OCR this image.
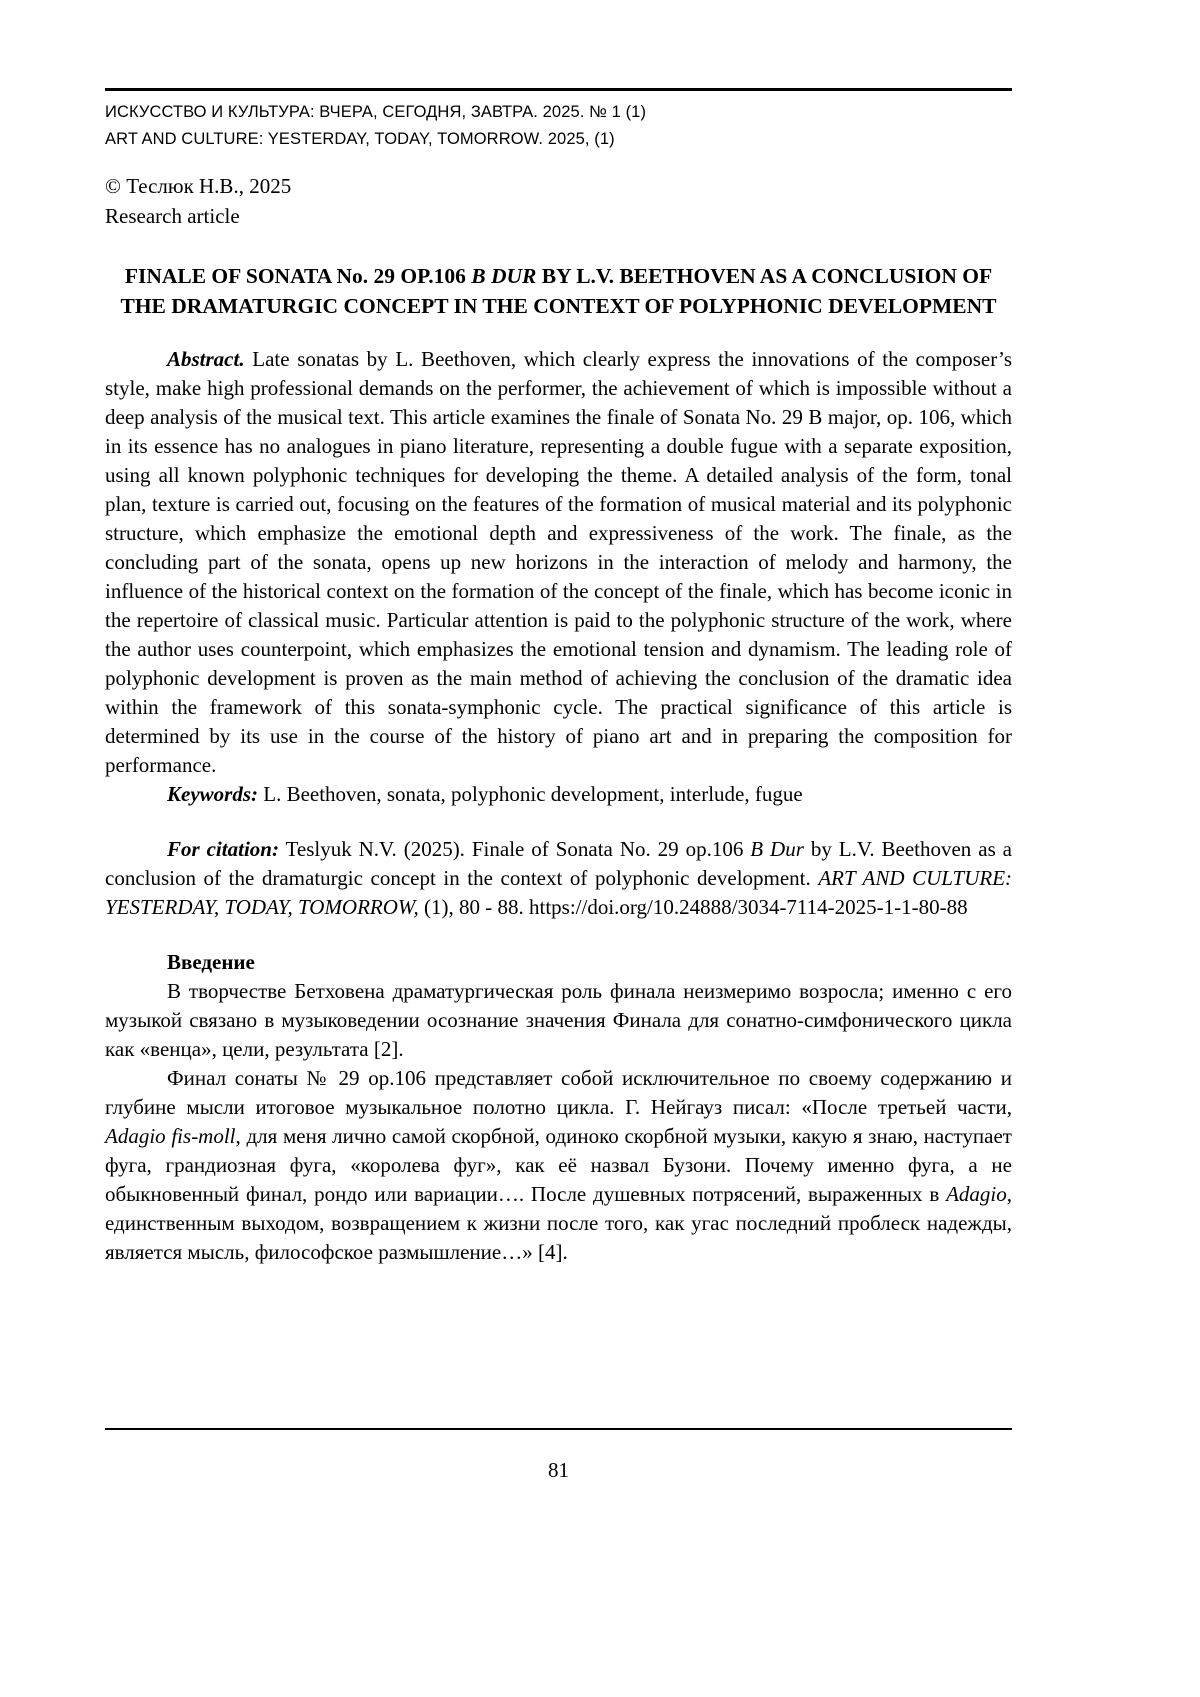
ИСКУССТВО И КУЛЬТУРА: ВЧЕРА, СЕГОДНЯ, ЗАВТРА. 2025. № 1 (1)
ART AND CULTURE: YESTERDAY, TODAY, TOMORROW. 2025, (1)
© Теслюк Н.В., 2025
Research article
FINALE OF SONATA No. 29 OP.106 B DUR BY L.V. BEETHOVEN AS A CONCLUSION OF THE DRAMATURGIC CONCEPT IN THE CONTEXT OF POLYPHONIC DEVELOPMENT

Abstract. Late sonatas by L. Beethoven, which clearly express the innovations of the composer’s style, make high professional demands on the performer, the achievement of which is impossible without a deep analysis of the musical text. This article examines the finale of Sonata No. 29 B major, op. 106, which in its essence has no analogues in piano literature, representing a double fugue with a separate exposition, using all known polyphonic techniques for developing the theme. A detailed analysis of the form, tonal plan, texture is carried out, focusing on the features of the formation of musical material and its polyphonic structure, which emphasize the emotional depth and expressiveness of the work. The finale, as the concluding part of the sonata, opens up new horizons in the interaction of melody and harmony, the influence of the historical context on the formation of the concept of the finale, which has become iconic in the repertoire of classical music. Particular attention is paid to the polyphonic structure of the work, where the author uses counterpoint, which emphasizes the emotional tension and dynamism. The leading role of polyphonic development is proven as the main method of achieving the conclusion of the dramatic idea within the framework of this sonata-symphonic cycle. The practical significance of this article is determined by its use in the course of the history of piano art and in preparing the composition for performance.

Keywords: L. Beethoven, sonata, polyphonic development, interlude, fugue

For citation: Teslyuk N.V. (2025). Finale of Sonata No. 29 op.106 B Dur by L.V. Beethoven as a conclusion of the dramaturgic concept in the context of polyphonic development. ART AND CULTURE: YESTERDAY, TODAY, TOMORROW, (1), 80 - 88. https://doi.org/10.24888/3034-7114-2025-1-1-80-88

Введение

В творчестве Бетховена драматургическая роль финала неизмеримо возросла; именно с его музыкой связано в музыковедении осознание значения Финала для сонатно-симфонического цикла как «венца», цели, результата [2].

Финал сонаты № 29 op.106 представляет собой исключительное по своему содержанию и глубине мысли итоговое музыкальное полотно цикла. Г. Нейгауз писал: «После третьей части, Adagio fis-moll, для меня лично самой скорбной, одиноко скорбной музыки, какую я знаю, наступает фуга, грандиозная фуга, «королева фуг», как её назвал Бузони. Почему именно фуга, а не обыкновенный финал, рондо или вариации…. После душевных потрясений, выраженных в Adagio, единственным выходом, возвращением к жизни после того, как угас последний проблеск надежды, является мысль, философское размышление…» [4].

81
